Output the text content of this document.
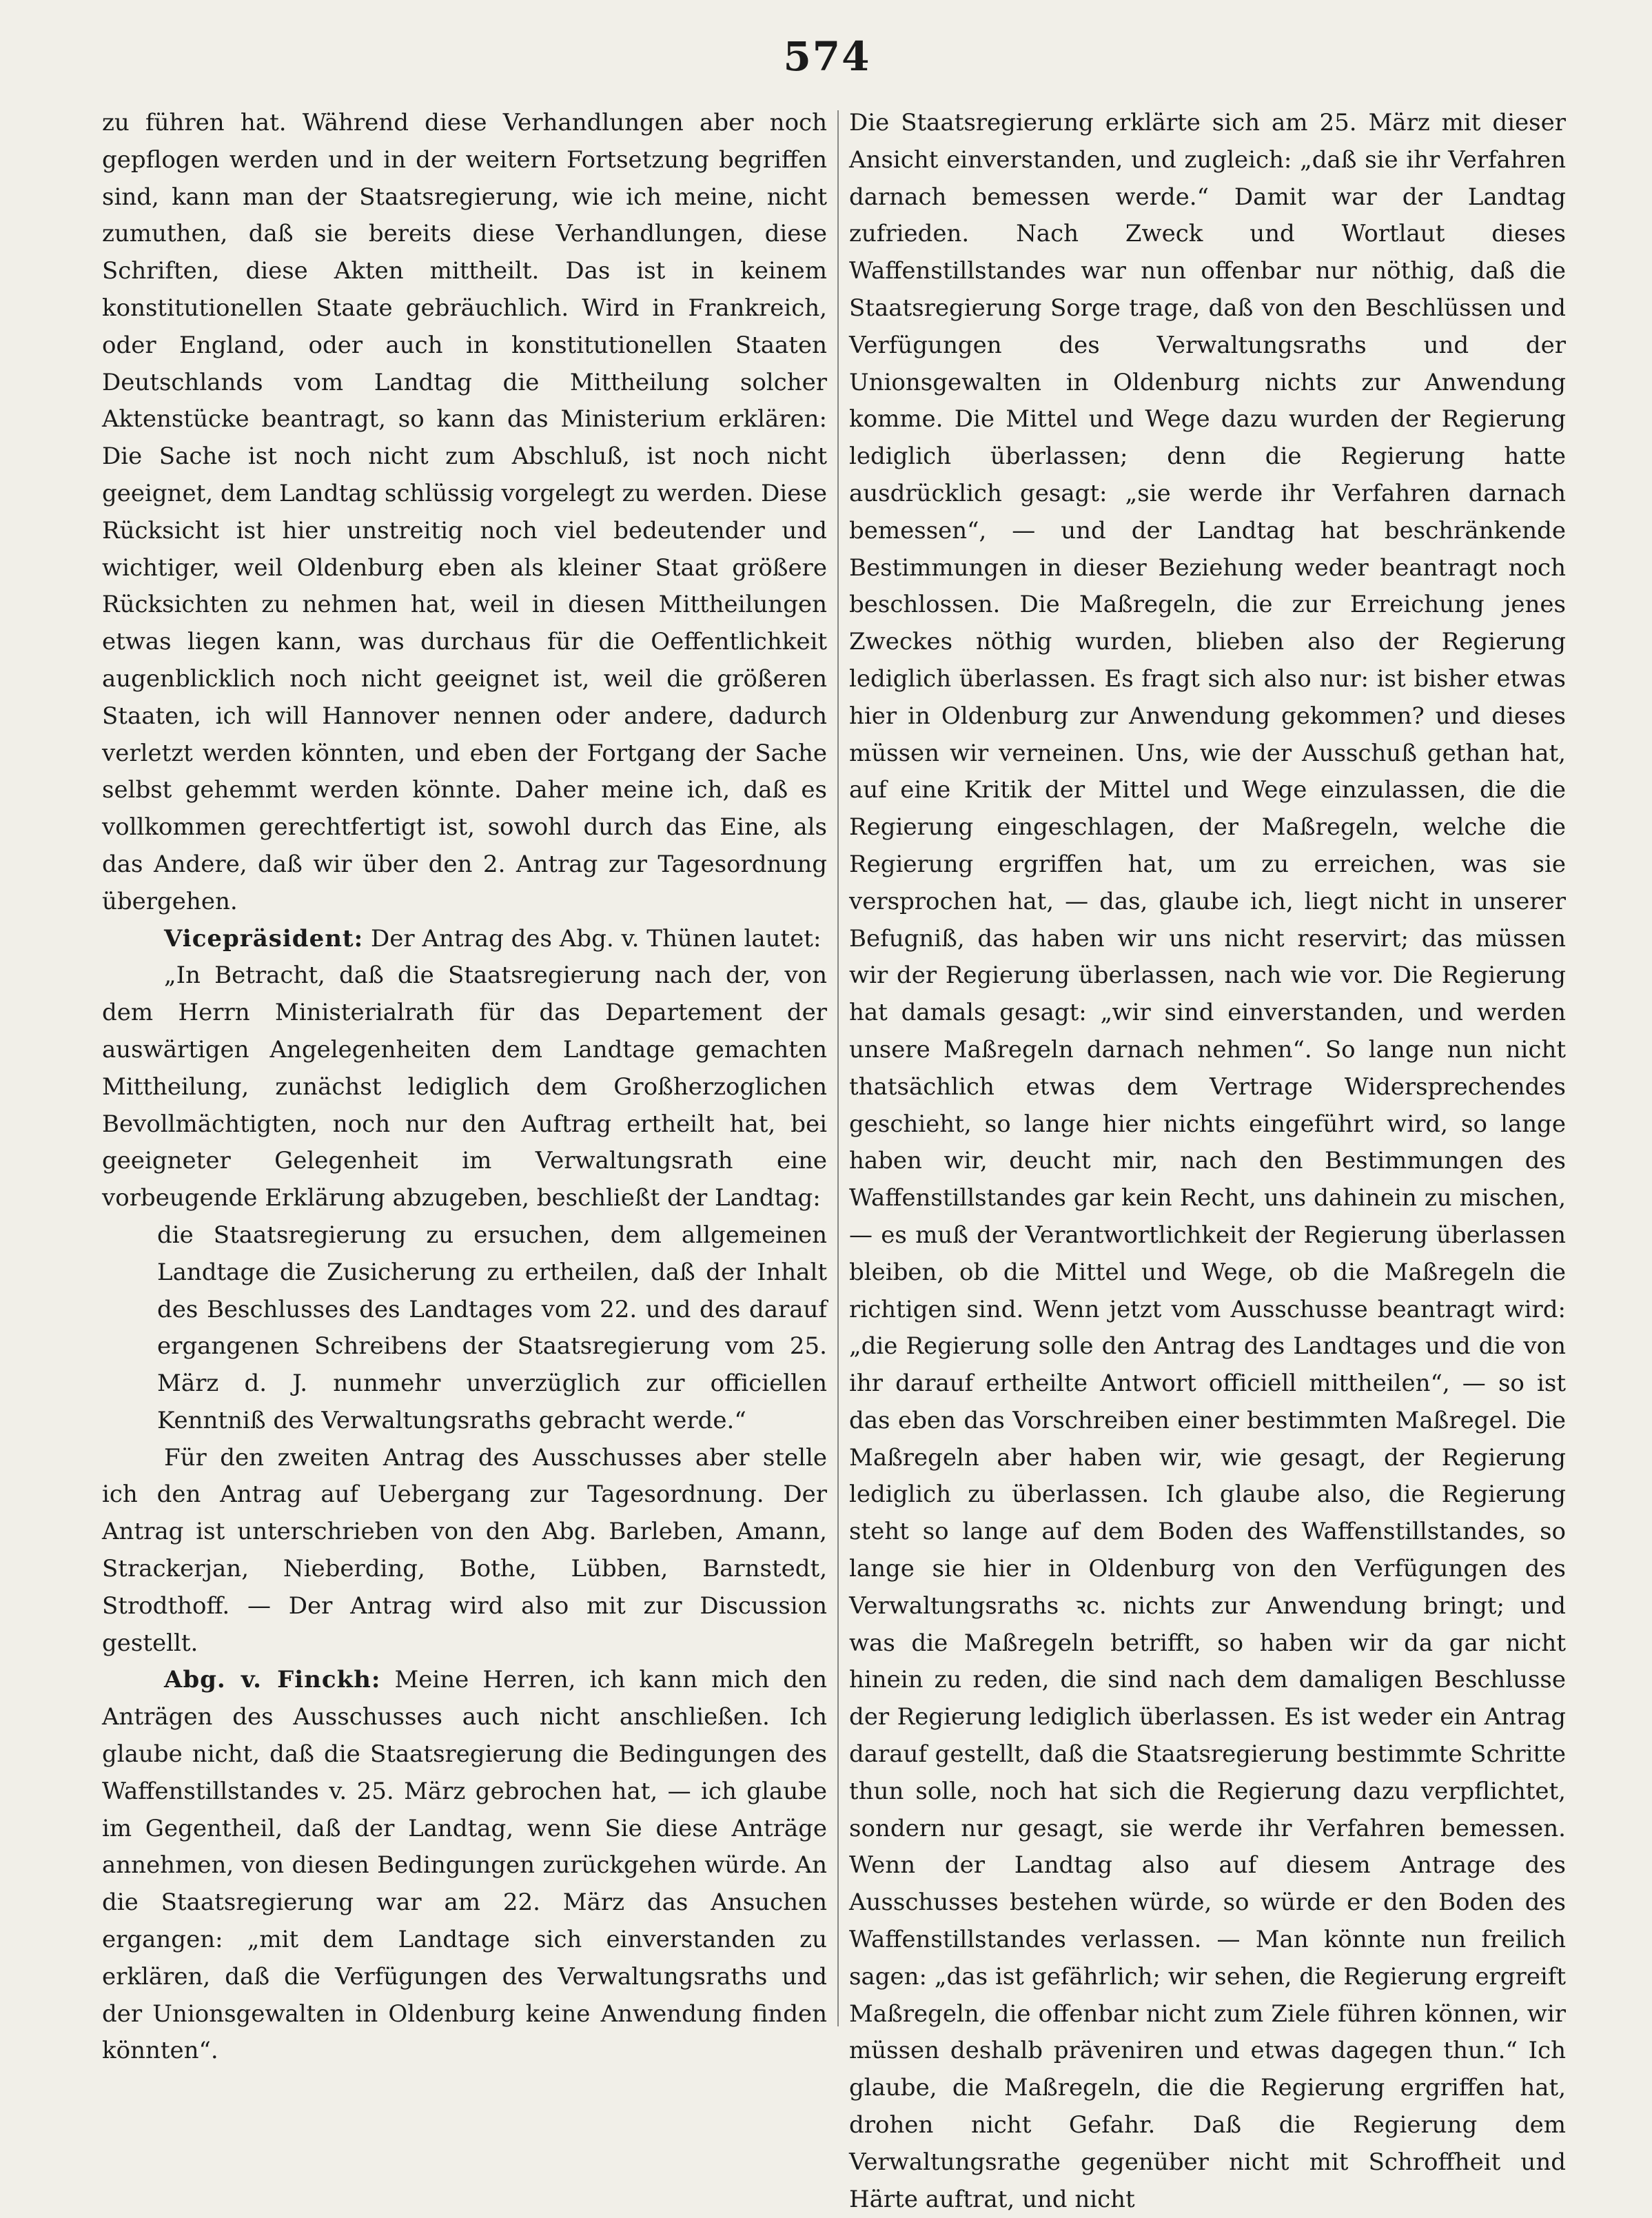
574

zu führen hat. Während diese Verhandlungen aber noch gepflogen werden und in der weitern Fortsetzung begriffen sind, kann man der Staatsregierung, wie ich meine, nicht zumuthen, daß sie bereits diese Verhandlungen, diese Schriften, diese Akten mittheilt. Das ist in keinem konstitutionellen Staate gebräuchlich. Wird in Frankreich, oder England, oder auch in konstitutionellen Staaten Deutschlands vom Landtag die Mittheilung solcher Aktenstücke beantragt, so kann das Ministerium erklären: Die Sache ist noch nicht zum Abschluß, ist noch nicht geeignet, dem Landtag schlüssig vorgelegt zu werden. Diese Rücksicht ist hier unstreitig noch viel bedeutender und wichtiger, weil Oldenburg eben als kleiner Staat größere Rücksichten zu nehmen hat, weil in diesen Mittheilungen etwas liegen kann, was durchaus für die Oeffentlichkeit augenblicklich noch nicht geeignet ist, weil die größeren Staaten, ich will Hannover nennen oder andere, dadurch verletzt werden könnten, und eben der Fortgang der Sache selbst gehemmt werden könnte. Daher meine ich, daß es vollkommen gerechtfertigt ist, sowohl durch das Eine, als das Andere, daß wir über den 2. Antrag zur Tagesordnung übergehen.

Vicepräsident: Der Antrag des Abg. v. Thünen lautet:

„In Betracht, daß die Staatsregierung nach der, von dem Herrn Ministerialrath für das Departement der auswärtigen Angelegenheiten dem Landtage gemachten Mittheilung, zunächst lediglich dem Großherzoglichen Bevollmächtigten, noch nur den Auftrag ertheilt hat, bei geeigneter Gelegenheit im Verwaltungsrath eine vorbeugende Erklärung abzugeben, beschließt der Landtag:

die Staatsregierung zu ersuchen, dem allgemeinen Landtage die Zusicherung zu ertheilen, daß der Inhalt des Beschlusses des Landtages vom 22. und des darauf ergangenen Schreibens der Staatsregierung vom 25. März d. J. nunmehr unverzüglich zur officiellen Kenntniß des Verwaltungsraths gebracht werde.“

Für den zweiten Antrag des Ausschusses aber stelle ich den Antrag auf Uebergang zur Tagesordnung. Der Antrag ist unterschrieben von den Abg. Barleben, Amann, Strackerjan, Nieberding, Bothe, Lübben, Barnstedt, Strodthoff. — Der Antrag wird also mit zur Discussion gestellt.

Abg. v. Finckh: Meine Herren, ich kann mich den Anträgen des Ausschusses auch nicht anschließen. Ich glaube nicht, daß die Staatsregierung die Bedingungen des Waffenstillstandes v. 25. März gebrochen hat, — ich glaube im Gegentheil, daß der Landtag, wenn Sie diese Anträge annehmen, von diesen Bedingungen zurückgehen würde. An die Staatsregierung war am 22. März das Ansuchen ergangen: „mit dem Landtage sich einverstanden zu erklären, daß die Verfügungen des Verwaltungsraths und der Unionsgewalten in Oldenburg keine Anwendung finden könnten“.

Die Staatsregierung erklärte sich am 25. März mit dieser Ansicht einverstanden, und zugleich: „daß sie ihr Verfahren darnach bemessen werde.“ Damit war der Landtag zufrieden. Nach Zweck und Wortlaut dieses Waffenstillstandes war nun offenbar nur nöthig, daß die Staatsregierung Sorge trage, daß von den Beschlüssen und Verfügungen des Verwaltungsraths und der Unionsgewalten in Oldenburg nichts zur Anwendung komme. Die Mittel und Wege dazu wurden der Regierung lediglich überlassen; denn die Regierung hatte ausdrücklich gesagt: „sie werde ihr Verfahren darnach bemessen“, — und der Landtag hat beschränkende Bestimmungen in dieser Beziehung weder beantragt noch beschlossen. Die Maßregeln, die zur Erreichung jenes Zweckes nöthig wurden, blieben also der Regierung lediglich überlassen. Es fragt sich also nur: ist bisher etwas hier in Oldenburg zur Anwendung gekommen? und dieses müssen wir verneinen. Uns, wie der Ausschuß gethan hat, auf eine Kritik der Mittel und Wege einzulassen, die die Regierung eingeschlagen, der Maßregeln, welche die Regierung ergriffen hat, um zu erreichen, was sie versprochen hat, — das, glaube ich, liegt nicht in unserer Befugniß, das haben wir uns nicht reservirt; das müssen wir der Regierung überlassen, nach wie vor. Die Regierung hat damals gesagt: „wir sind einverstanden, und werden unsere Maßregeln darnach nehmen“. So lange nun nicht thatsächlich etwas dem Vertrage Widersprechendes geschieht, so lange hier nichts eingeführt wird, so lange haben wir, deucht mir, nach den Bestimmungen des Waffenstillstandes gar kein Recht, uns dahinein zu mischen, — es muß der Verantwortlichkeit der Regierung überlassen bleiben, ob die Mittel und Wege, ob die Maßregeln die richtigen sind. Wenn jetzt vom Ausschusse beantragt wird: „die Regierung solle den Antrag des Landtages und die von ihr darauf ertheilte Antwort officiell mittheilen“, — so ist das eben das Vorschreiben einer bestimmten Maßregel. Die Maßregeln aber haben wir, wie gesagt, der Regierung lediglich zu überlassen. Ich glaube also, die Regierung steht so lange auf dem Boden des Waffenstillstandes, so lange sie hier in Oldenburg von den Verfügungen des Verwaltungsraths ꝛc. nichts zur Anwendung bringt; und was die Maßregeln betrifft, so haben wir da gar nicht hinein zu reden, die sind nach dem damaligen Beschlusse der Regierung lediglich überlassen. Es ist weder ein Antrag darauf gestellt, daß die Staatsregierung bestimmte Schritte thun solle, noch hat sich die Regierung dazu verpflichtet, sondern nur gesagt, sie werde ihr Verfahren bemessen. Wenn der Landtag also auf diesem Antrage des Ausschusses bestehen würde, so würde er den Boden des Waffenstillstandes verlassen. — Man könnte nun freilich sagen: „das ist gefährlich; wir sehen, die Regierung ergreift Maßregeln, die offenbar nicht zum Ziele führen können, wir müssen deshalb präveniren und etwas dagegen thun.“ Ich glaube, die Maßregeln, die die Regierung ergriffen hat, drohen nicht Gefahr. Daß die Regierung dem Verwaltungsrathe gegenüber nicht mit Schroffheit und Härte auftrat, und nicht
